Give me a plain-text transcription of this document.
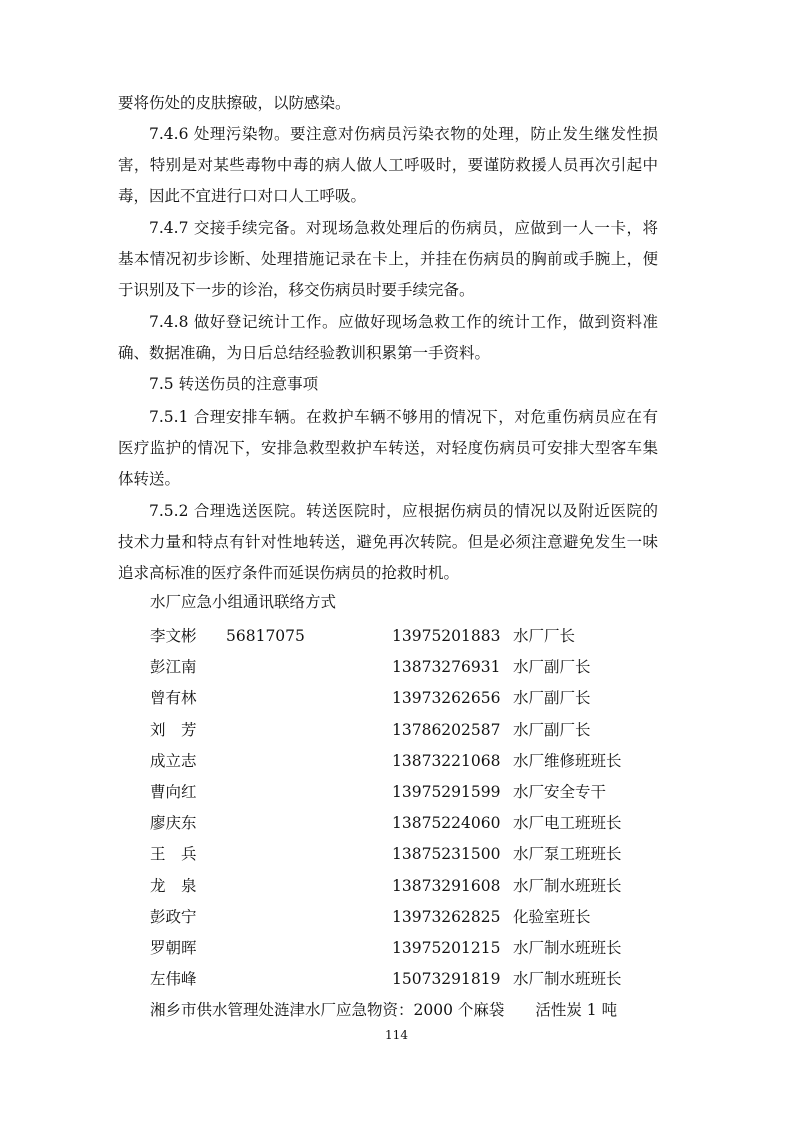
要将伤处的皮肤擦破，以防感染。

7.4.6 处理污染物。要注意对伤病员污染衣物的处理，防止发生继发性损害，特别是对某些毒物中毒的病人做人工呼吸时，要谨防救援人员再次引起中毒，因此不宜进行口对口人工呼吸。

7.4.7 交接手续完备。对现场急救处理后的伤病员，应做到一人一卡，将基本情况初步诊断、处理措施记录在卡上，并挂在伤病员的胸前或手腕上，便于识别及下一步的诊治，移交伤病员时要手续完备。

7.4.8 做好登记统计工作。应做好现场急救工作的统计工作，做到资料准确、数据准确，为日后总结经验教训积累第一手资料。

7.5 转送伤员的注意事项

7.5.1 合理安排车辆。在救护车辆不够用的情况下，对危重伤病员应在有医疗监护的情况下，安排急救型救护车转送，对轻度伤病员可安排大型客车集体转送。

7.5.2 合理选送医院。转送医院时，应根据伤病员的情况以及附近医院的技术力量和特点有针对性地转送，避免再次转院。但是必须注意避免发生一味追求高标准的医疗条件而延误伤病员的抢救时机。

水厂应急小组通讯联络方式
李文彬 56817075	13975201883 水厂厂长
彭江南	13873276931 水厂副厂长
曾有林	13973262656 水厂副厂长
刘　芳	13786202587 水厂副厂长
成立志	13873221068 水厂维修班班长
曹向红	13975291599 水厂安全专干
廖庆东	13875224060 水厂电工班班长
王　兵	13875231500 水厂泵工班班长
龙　泉	13873291608 水厂制水班班长
彭政宁	13973262825 化验室班长
罗朝晖	13975201215 水厂制水班班长
左伟峰	15073291819 水厂制水班班长
湘乡市供水管理处涟津水厂应急物资：2000 个麻袋　　活性炭 1 吨
114
